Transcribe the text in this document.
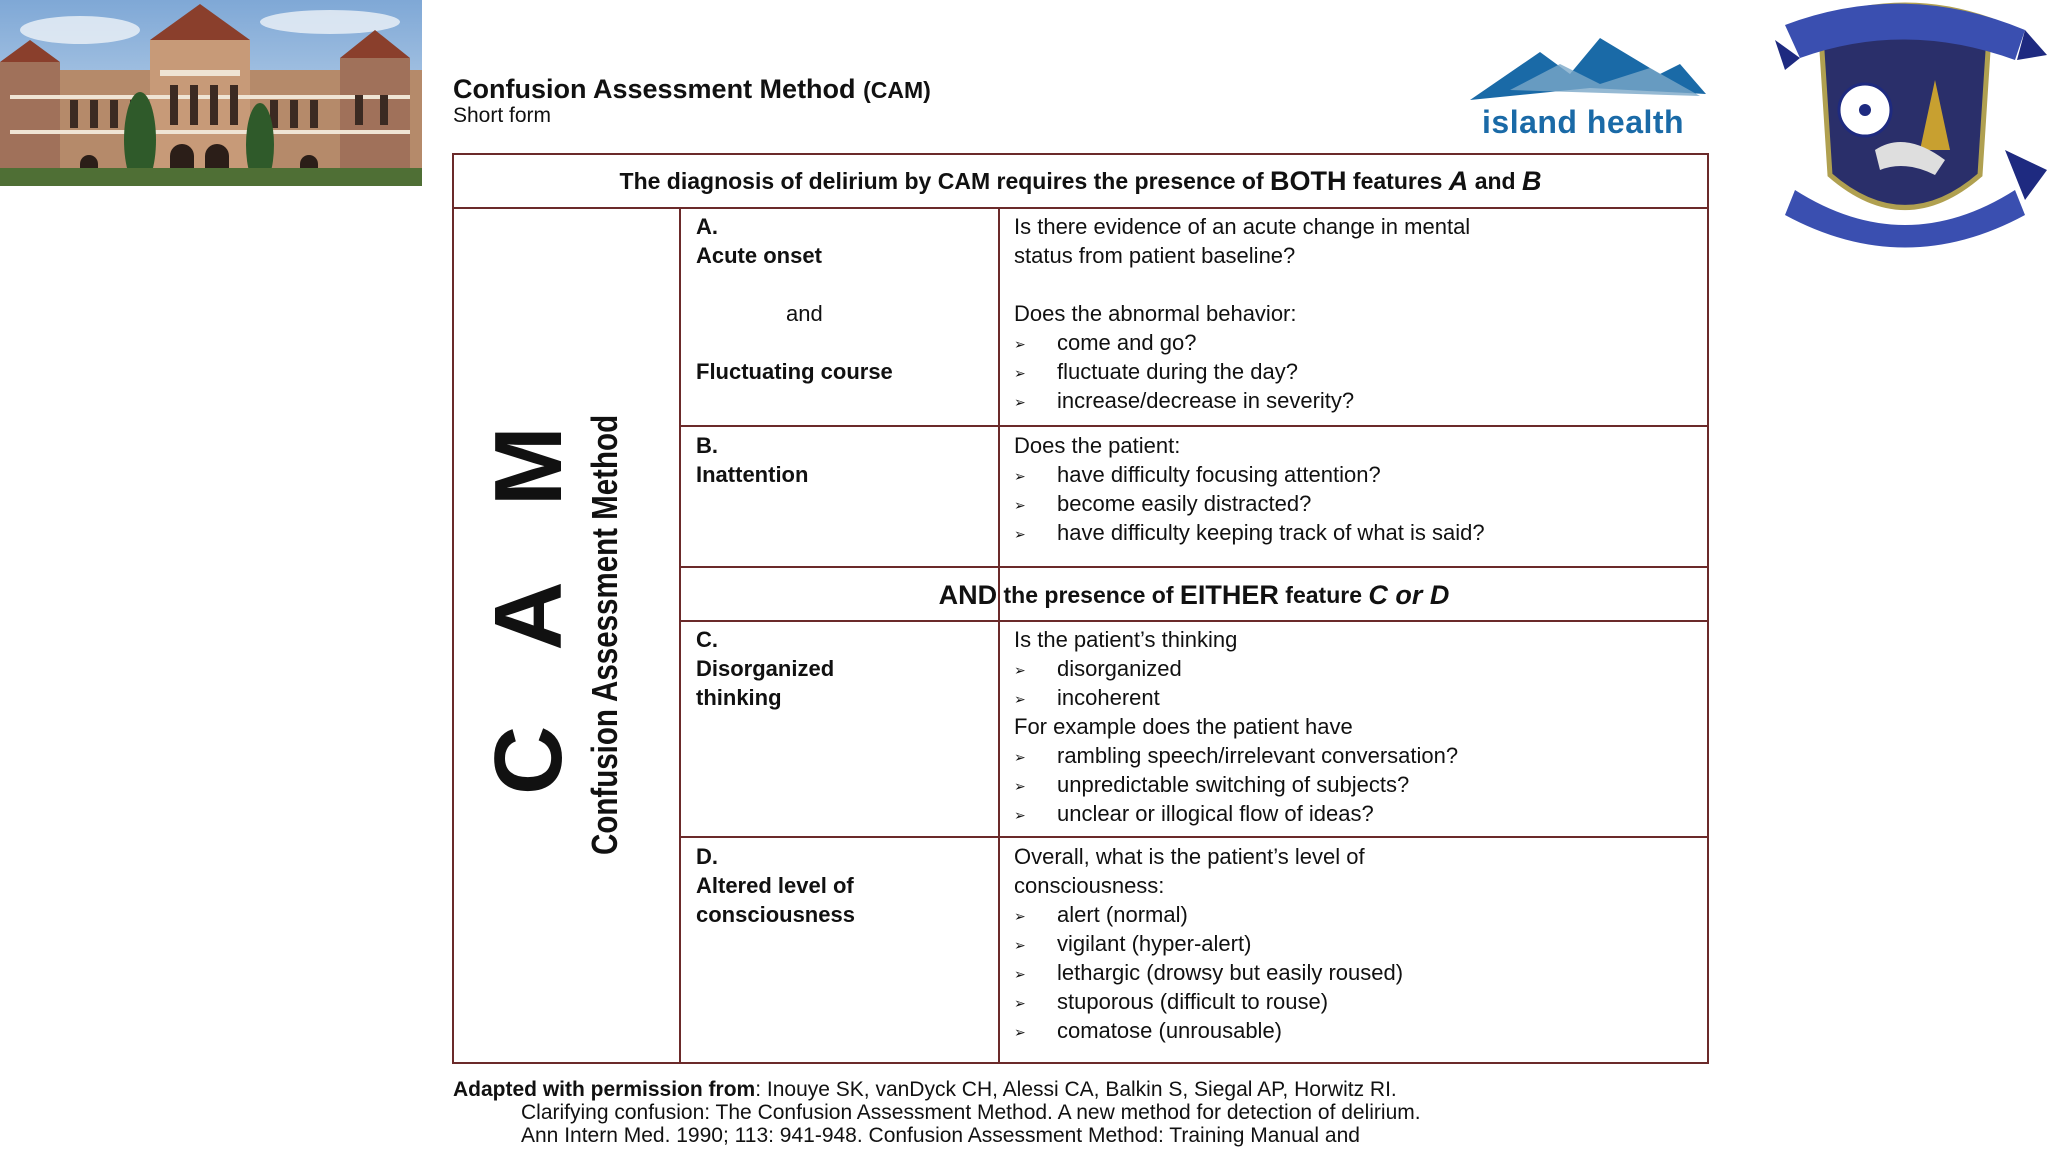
island health
Confusion Assessment Method (CAM)
Short form
The diagnosis of delirium by CAM requires the presence of
BOTH
features
A
and
B
C A M Confusion Assessment Method
A.
Acute onset
and
Fluctuating course
Is there evidence of an acute change in mental
status from patient baseline?
Does the abnormal behavior:
➢ come and go?
➢ fluctuate during the day?
➢ increase/decrease in severity?
B.
Inattention
Does the patient:
➢ have difficulty focusing attention?
➢ become easily distracted?
➢ have difficulty keeping track of what is said?
AND
the presence of
EITHER
feature
C or D
C.
Disorganized
thinking
Is the patient’s thinking
➢ disorganized
➢ incoherent
For example does the patient have
➢ rambling speech/irrelevant conversation?
➢ unpredictable switching of subjects?
➢ unclear or illogical flow of ideas?
D.
Altered level of
consciousness
Overall, what is the patient’s level of
consciousness:
➢ alert (normal)
➢ vigilant (hyper-alert)
➢ lethargic (drowsy but easily roused)
➢ stuporous (difficult to rouse)
➢ comatose (unrousable)
Adapted with permission from: Inouye SK, vanDyck CH, Alessi CA, Balkin S, Siegal AP, Horwitz RI.
Clarifying confusion: The Confusion Assessment Method. A new method for detection of delirium.
Ann Intern Med. 1990; 113: 941-948. Confusion Assessment Method: Training Manual and
